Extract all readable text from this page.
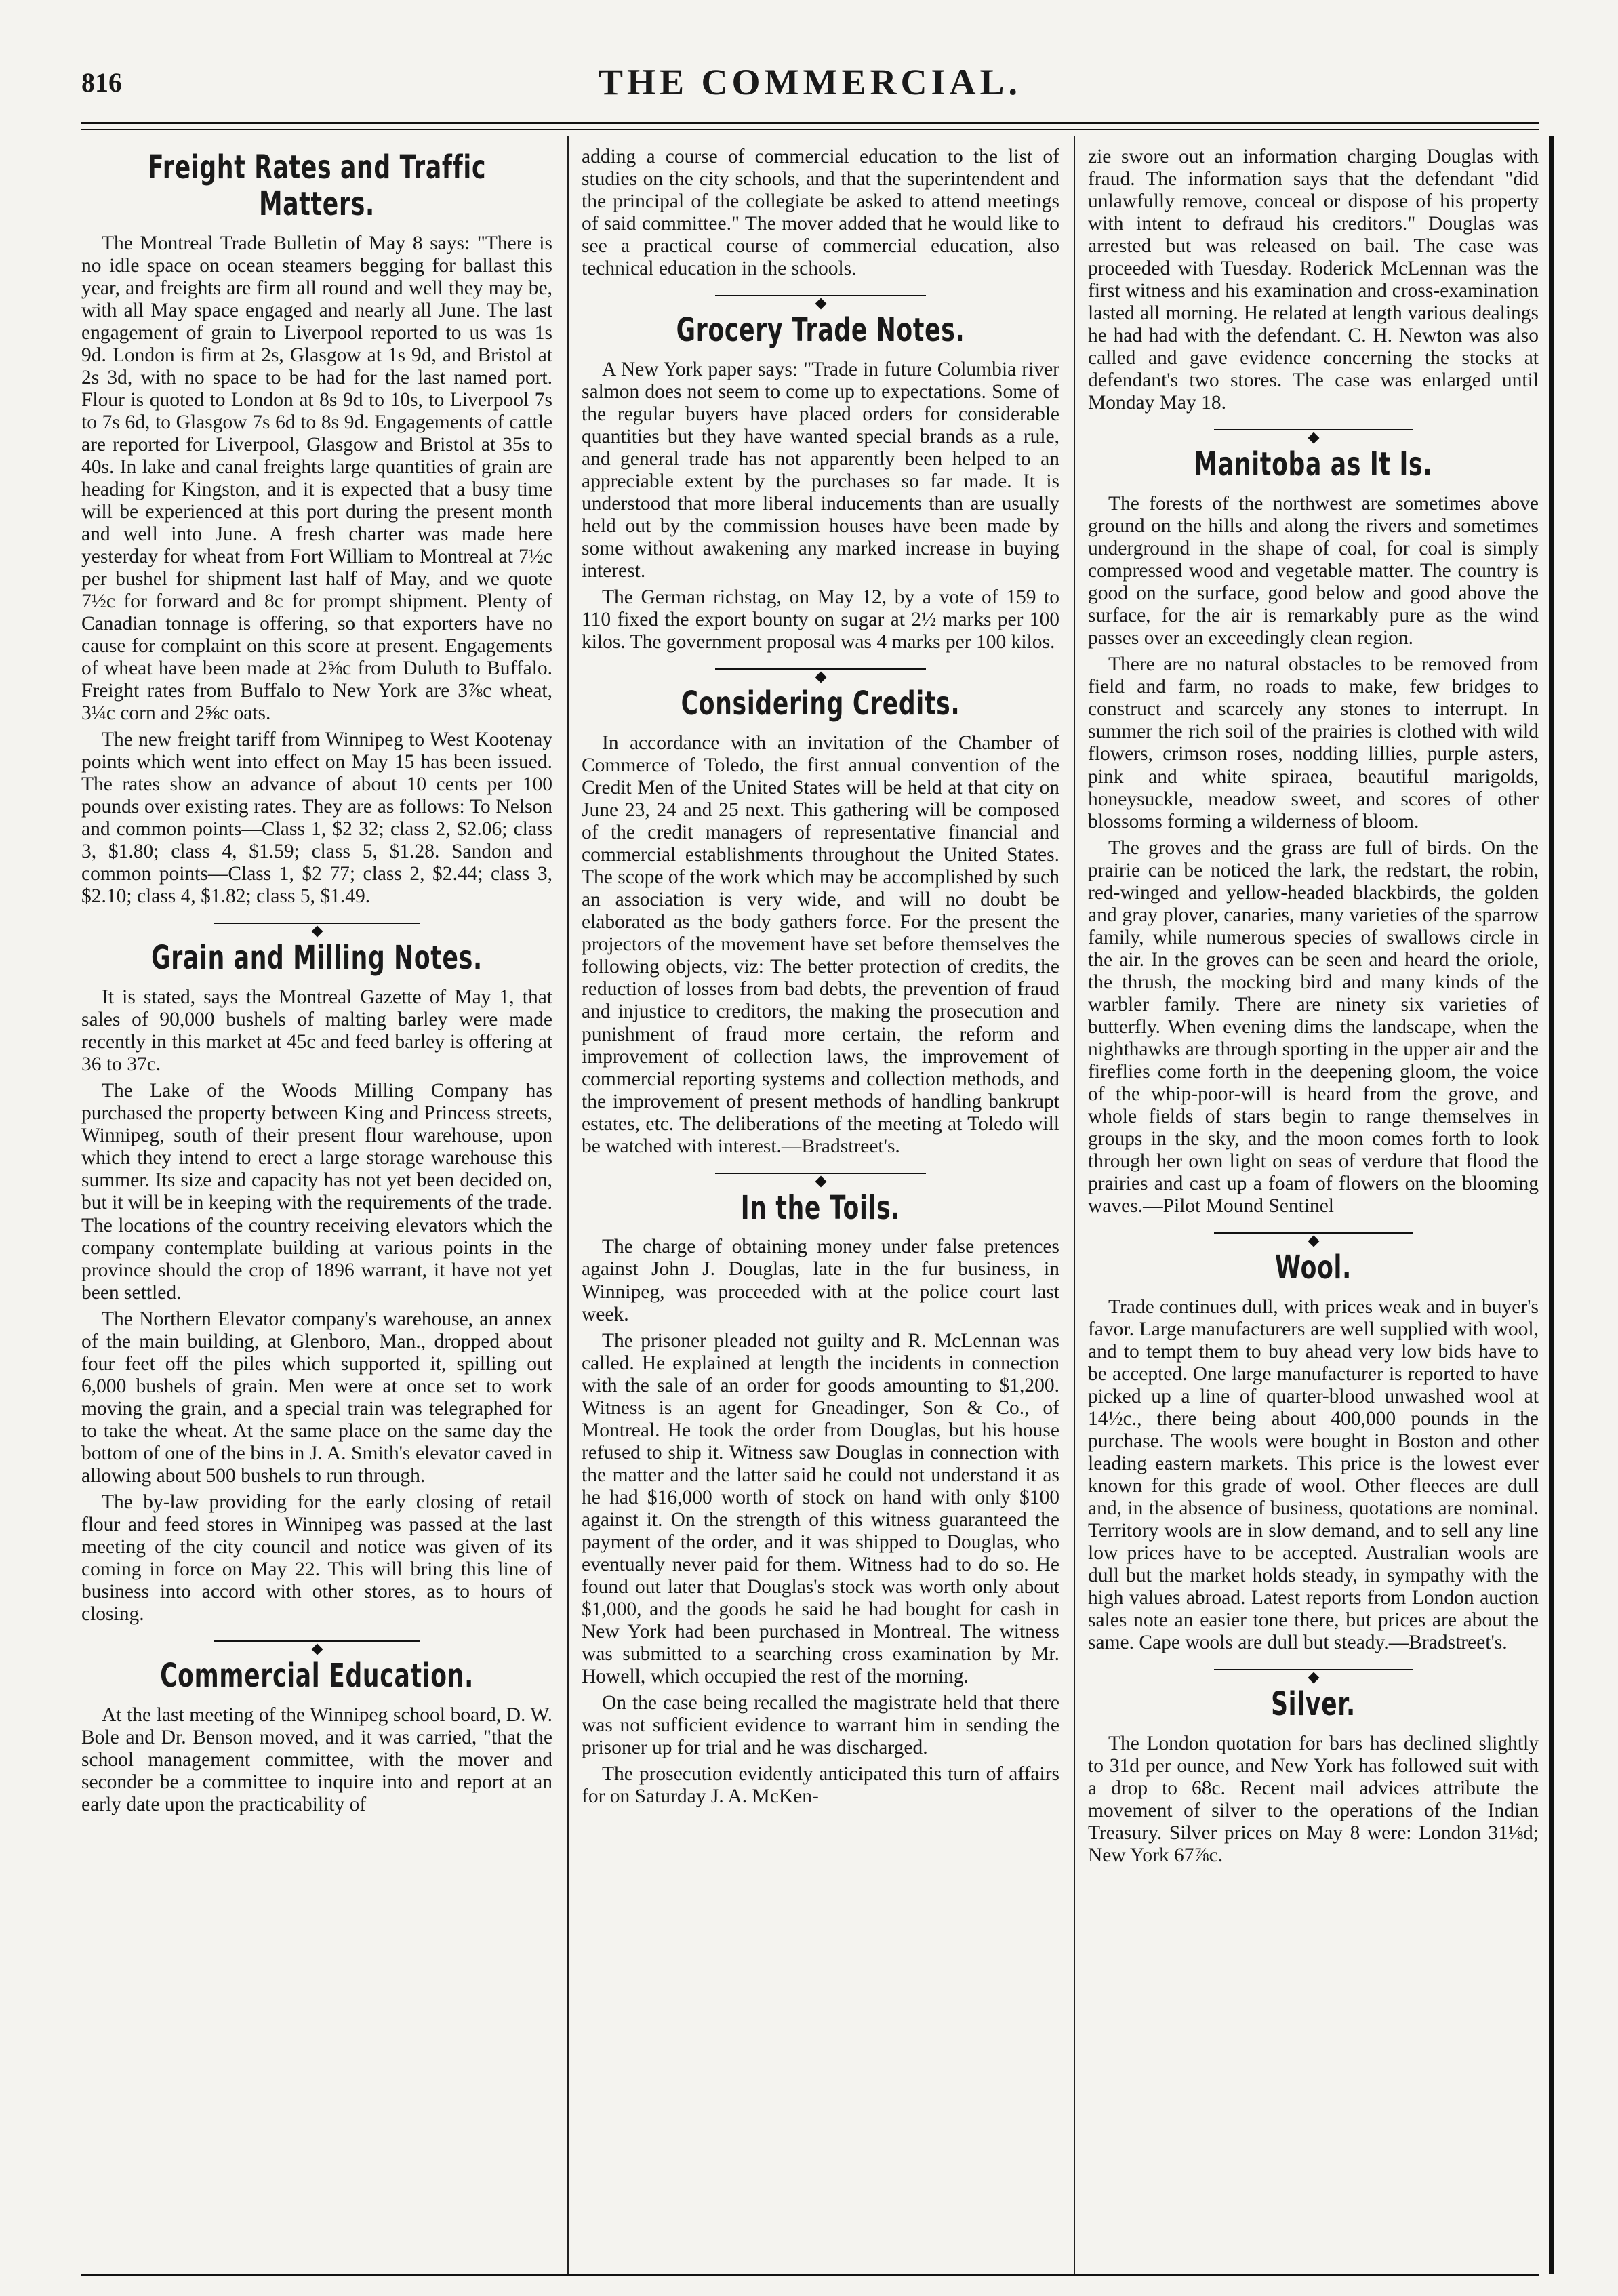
816	THE COMMERCIAL.
Freight Rates and Traffic Matters.

The Montreal Trade Bulletin of May 8 says: "There is no idle space on ocean steamers begging for ballast this year, and freights are firm all round and well they may be, with all May space engaged and nearly all June. The last engagement of grain to Liverpool reported to us was 1s 9d. London is firm at 2s, Glasgow at 1s 9d, and Bristol at 2s 3d, with no space to be had for the last named port. Flour is quoted to London at 8s 9d to 10s, to Liverpool 7s to 7s 6d, to Glasgow 7s 6d to 8s 9d. Engagements of cattle are reported for Liverpool, Glasgow and Bristol at 35s to 40s. In lake and canal freights large quantities of grain are heading for Kingston, and it is expected that a busy time will be experienced at this port during the present month and well into June. A fresh charter was made here yesterday for wheat from Fort William to Montreal at 7½c per bushel for shipment last half of May, and we quote 7½c for forward and 8c for prompt shipment. Plenty of Canadian tonnage is offering, so that exporters have no cause for complaint on this score at present. Engagements of wheat have been made at 2⅝c from Duluth to Buffalo. Freight rates from Buffalo to New York are 3⅞c wheat, 3¼c corn and 2⅝c oats.

The new freight tariff from Winnipeg to West Kootenay points which went into effect on May 15 has been issued. The rates show an advance of about 10 cents per 100 pounds over existing rates. They are as follows: To Nelson and common points—Class 1, $2 32; class 2, $2.06; class 3, $1.80; class 4, $1.59; class 5, $1.28. Sandon and common points—Class 1, $2 77; class 2, $2.44; class 3, $2.10; class 4, $1.82; class 5, $1.49.

Grain and Milling Notes.

It is stated, says the Montreal Gazette of May 1, that sales of 90,000 bushels of malting barley were made recently in this market at 45c and feed barley is offering at 36 to 37c.

The Lake of the Woods Milling Company has purchased the property between King and Princess streets, Winnipeg, south of their present flour warehouse, upon which they intend to erect a large storage warehouse this summer. Its size and capacity has not yet been decided on, but it will be in keeping with the requirements of the trade. The locations of the country receiving elevators which the company contemplate building at various points in the province should the crop of 1896 warrant, it have not yet been settled.

The Northern Elevator company's warehouse, an annex of the main building, at Glenboro, Man., dropped about four feet off the piles which supported it, spilling out 6,000 bushels of grain. Men were at once set to work moving the grain, and a special train was telegraphed for to take the wheat. At the same place on the same day the bottom of one of the bins in J. A. Smith's elevator caved in allowing about 500 bushels to run through.

The by-law providing for the early closing of retail flour and feed stores in Winnipeg was passed at the last meeting of the city council and notice was given of its coming in force on May 22. This will bring this line of business into accord with other stores, as to hours of closing.

Commercial Education.

At the last meeting of the Winnipeg school board, D. W. Bole and Dr. Benson moved, and it was carried, "that the school management committee, with the mover and seconder be a committee to inquire into and report at an early date upon the practicability of

adding a course of commercial education to the list of studies on the city schools, and that the superintendent and the principal of the collegiate be asked to attend meetings of said committee." The mover added that he would like to see a practical course of commercial education, also technical education in the schools.

Grocery Trade Notes.

A New York paper says: "Trade in future Columbia river salmon does not seem to come up to expectations. Some of the regular buyers have placed orders for considerable quantities but they have wanted special brands as a rule, and general trade has not apparently been helped to an appreciable extent by the purchases so far made. It is understood that more liberal inducements than are usually held out by the commission houses have been made by some without awakening any marked increase in buying interest.

The German richstag, on May 12, by a vote of 159 to 110 fixed the export bounty on sugar at 2½ marks per 100 kilos. The government proposal was 4 marks per 100 kilos.

Considering Credits.

In accordance with an invitation of the Chamber of Commerce of Toledo, the first annual convention of the Credit Men of the United States will be held at that city on June 23, 24 and 25 next. This gathering will be composed of the credit managers of representative financial and commercial establishments throughout the United States. The scope of the work which may be accomplished by such an association is very wide, and will no doubt be elaborated as the body gathers force. For the present the projectors of the movement have set before themselves the following objects, viz: The better protection of credits, the reduction of losses from bad debts, the prevention of fraud and injustice to creditors, the making the prosecution and punishment of fraud more certain, the reform and improvement of collection laws, the improvement of commercial reporting systems and collection methods, and the improvement of present methods of handling bankrupt estates, etc. The deliberations of the meeting at Toledo will be watched with interest.—Bradstreet's.

In the Toils.

The charge of obtaining money under false pretences against John J. Douglas, late in the fur business, in Winnipeg, was proceeded with at the police court last week.

The prisoner pleaded not guilty and R. McLennan was called. He explained at length the incidents in connection with the sale of an order for goods amounting to $1,200. Witness is an agent for Gneadinger, Son & Co., of Montreal. He took the order from Douglas, but his house refused to ship it. Witness saw Douglas in connection with the matter and the latter said he could not understand it as he had $16,000 worth of stock on hand with only $100 against it. On the strength of this witness guaranteed the payment of the order, and it was shipped to Douglas, who eventually never paid for them. Witness had to do so. He found out later that Douglas's stock was worth only about $1,000, and the goods he said he had bought for cash in New York had been purchased in Montreal. The witness was submitted to a searching cross examination by Mr. Howell, which occupied the rest of the morning.

On the case being recalled the magistrate held that there was not sufficient evidence to warrant him in sending the prisoner up for trial and he was discharged.

The prosecution evidently anticipated this turn of affairs for on Saturday J. A. McKen-

zie swore out an information charging Douglas with fraud. The information says that the defendant "did unlawfully remove, conceal or dispose of his property with intent to defraud his creditors." Douglas was arrested but was released on bail. The case was proceeded with Tuesday. Roderick McLennan was the first witness and his examination and cross-examination lasted all morning. He related at length various dealings he had had with the defendant. C. H. Newton was also called and gave evidence concerning the stocks at defendant's two stores. The case was enlarged until Monday May 18.

Manitoba as It Is.

The forests of the northwest are sometimes above ground on the hills and along the rivers and sometimes underground in the shape of coal, for coal is simply compressed wood and vegetable matter. The country is good on the surface, good below and good above the surface, for the air is remarkably pure as the wind passes over an exceedingly clean region.

There are no natural obstacles to be removed from field and farm, no roads to make, few bridges to construct and scarcely any stones to interrupt. In summer the rich soil of the prairies is clothed with wild flowers, crimson roses, nodding lillies, purple asters, pink and white spiraea, beautiful marigolds, honeysuckle, meadow sweet, and scores of other blossoms forming a wilderness of bloom.

The groves and the grass are full of birds. On the prairie can be noticed the lark, the redstart, the robin, red-winged and yellow-headed blackbirds, the golden and gray plover, canaries, many varieties of the sparrow family, while numerous species of swallows circle in the air. In the groves can be seen and heard the oriole, the thrush, the mocking bird and many kinds of the warbler family. There are ninety six varieties of butterfly. When evening dims the landscape, when the nighthawks are through sporting in the upper air and the fireflies come forth in the deepening gloom, the voice of the whip-poor-will is heard from the grove, and whole fields of stars begin to range themselves in groups in the sky, and the moon comes forth to look through her own light on seas of verdure that flood the prairies and cast up a foam of flowers on the blooming waves.—Pilot Mound Sentinel

Wool.

Trade continues dull, with prices weak and in buyer's favor. Large manufacturers are well supplied with wool, and to tempt them to buy ahead very low bids have to be accepted. One large manufacturer is reported to have picked up a line of quarter-blood unwashed wool at 14½c., there being about 400,000 pounds in the purchase. The wools were bought in Boston and other leading eastern markets. This price is the lowest ever known for this grade of wool. Other fleeces are dull and, in the absence of business, quotations are nominal. Territory wools are in slow demand, and to sell any line low prices have to be accepted. Australian wools are dull but the market holds steady, in sympathy with the high values abroad. Latest reports from London auction sales note an easier tone there, but prices are about the same. Cape wools are dull but steady.—Bradstreet's.

Silver.

The London quotation for bars has declined slightly to 31d per ounce, and New York has followed suit with a drop to 68c. Recent mail advices attribute the movement of silver to the operations of the Indian Treasury. Silver prices on May 8 were: London 31⅛d; New York 67⅞c.
